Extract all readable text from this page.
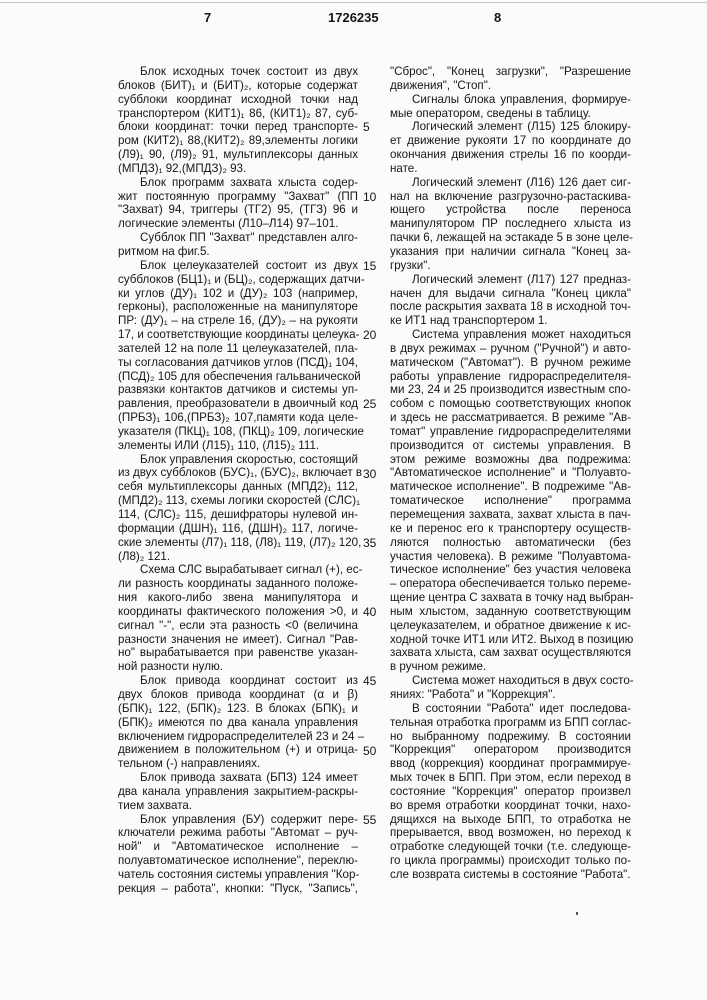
7	1726235	8
Блок исходных точек состоит из двух
блоков (БИТ)₁ и (БИТ)₂, которые содержат
субблоки координат исходной точки над
транспортером (КИТ1)₁ 86, (КИТ1)₂ 87, суб-
блоки координат: точки перед транспорте-
ром (КИТ2)₁ 88,(КИТ2)₂ 89,элементы логики
(Л9)₁ 90, (Л9)₂ 91, мультиплексоры данных
(МПДЗ)₁ 92,(МПДЗ)₂ 93.
Блок программ захвата хлыста содер-
жит постоянную программу "Захват" (ПП
"Захват) 94, триггеры (ТГ2) 95, (ТГЗ) 96 и
логические элементы (Л10–Л14) 97–101.
Субблок ПП "Захват" представлен алго-
ритмом на фиг.5.
Блок целеуказателей состоит из двух
субблоков (БЦ1)₁ и (БЦ)₂, содержащих датчи-
ки углов (ДУ)₁ 102 и (ДУ)₂ 103 (например,
герконы), расположенные на манипуляторе
ПР: (ДУ)₁ – на стреле 16, (ДУ)₂ – на рукояти
17, и соответствующие координаты целеука-
зателей 12 на поле 11 целеуказателей, пла-
ты согласования датчиков углов (ПСД)₁ 104,
(ПСД)₂ 105 для обеспечения гальванической
развязки контактов датчиков и системы уп-
равления, преобразователи в двоичный код
(ПРБЗ)₁ 106,(ПРБЗ)₂ 107,памяти кода целе-
указателя (ПКЦ)₁ 108, (ПКЦ)₂ 109, логические
элементы ИЛИ (Л15)₁ 110, (Л15)₂ 111.
Блок управления скоростью, состоящий
из двух субблоков (БУС)₁, (БУС)₂, включает в
себя мультиплексоры данных (МПД2)₁ 112,
(МПД2)₂ 113, схемы логики скоростей (СЛС)₁
114, (СЛС)₂ 115, дешифраторы нулевой ин-
формации (ДШН)₁ 116, (ДШН)₂ 117, логиче-
ские элементы (Л7)₁ 118, (Л8)₁ 119, (Л7)₂ 120,
(Л8)₂ 121.
Схема СЛС вырабатывает сигнал (+), ес-
ли разность координаты заданного положе-
ния какого-либо звена манипулятора и
координаты фактического положения >0, и
сигнал "-", если эта разность <0 (величина
разности значения не имеет). Сигнал "Рав-
но" вырабатывается при равенстве указан-
ной разности нулю.
Блок привода координат состоит из
двух блоков привода координат (α и β)
(БПК)₁ 122, (БПК)₂ 123. В блоках (БПК)₁ и
(БПК)₂ имеются по два канала управления
включением гидрораспределителей 23 и 24 –
движением в положительном (+) и отрица-
тельном (-) направлениях.
Блок привода захвата (БПЗ) 124 имеет
два канала управления закрытием-раскры-
тием захвата.
Блок управления (БУ) содержит пере-
ключатели режима работы "Автомат – руч-
ной" и "Автоматическое исполнение –
полуавтоматическое исполнение", переклю-
чатель состояния системы управления "Кор-
рекция – работа", кнопки: "Пуск, "Запись",
"Сброс", "Конец загрузки", "Разрешение
движения", "Стоп".
Сигналы блока управления, формируе-
мые оператором, сведены в таблицу.
Логический элемент (Л15) 125 блокиру-
ет движение рукояти 17 по координате до
окончания движения стрелы 16 по коорди-
нате.
Логический элемент (Л16) 126 дает сиг-
нал на включение разгрузочно-растаскива-
ющего устройства после переноса
манипулятором ПР последнего хлыста из
пачки 6, лежащей на эстакаде 5 в зоне целе-
указания при наличии сигнала "Конец за-
грузки".
Логический элемент (Л17) 127 предназ-
начен для выдачи сигнала "Конец цикла"
после раскрытия захвата 18 в исходной точ-
ке ИТ1 над транспортером 1.
Система управления может находиться
в двух режимах – ручном ("Ручной") и авто-
матическом ("Автомат"). В ручном режиме
работы управление гидрораспределителя-
ми 23, 24 и 25 производится известным спо-
собом с помощью соответствующих кнопок
и здесь не рассматривается. В режиме "Ав-
томат" управление гидрораспределителями
производится от системы управления. В
этом режиме возможны два подрежима:
"Автоматическое исполнение" и "Полуавто-
матическое исполнение". В подрежиме "Ав-
томатическое исполнение" программа
перемещения захвата, захват хлыста в пач-
ке и перенос его к транспортеру осуществ-
ляются полностью автоматически (без
участия человека). В режиме "Полуавтома-
тическое исполнение" без участия человека
– оператора обеспечивается только переме-
щение центра С захвата в точку над выбран-
ным хлыстом, заданную соответствующим
целеуказателем, и обратное движение к ис-
ходной точке ИТ1 или ИТ2. Выход в позицию
захвата хлыста, сам захват осуществляются
в ручном режиме.
Система может находиться в двух состо-
яниях: "Работа" и "Коррекция".
В состоянии "Работа" идет последова-
тельная отработка программ из БПП соглас-
но выбранному подрежиму. В состоянии
"Коррекция" оператором производится
ввод (коррекция) координат программируе-
мых точек в БПП. При этом, если переход в
состояние "Коррекция" оператор произвел
во время отработки координат точки, нахо-
дящихся на выходе БПП, то отработка не
прерывается, ввод возможен, но переход к
отработке следующей точки (т.е. следующе-
го цикла программы) происходит только по-
сле возврата системы в состояние "Работа".
5
10
15
20
25
30
35
40
45
50
55
